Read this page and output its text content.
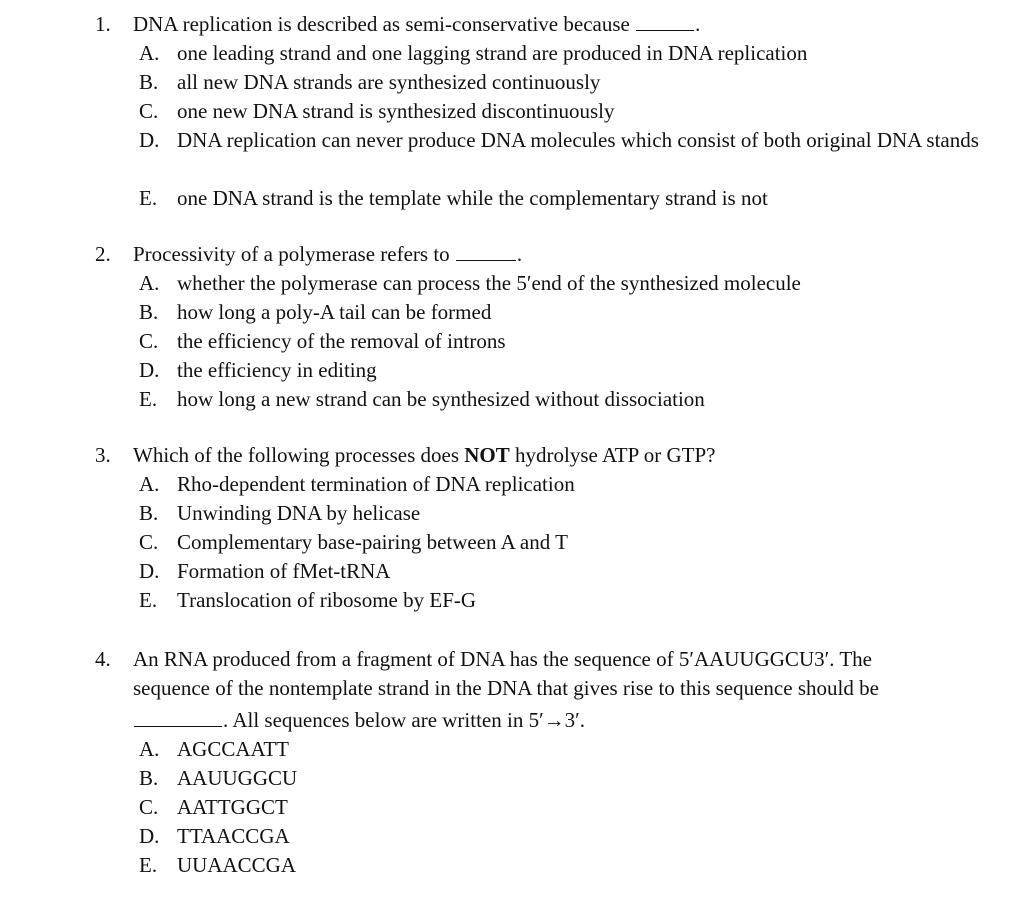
1.	DNA replication is described as semi-conservative because	.
A. one leading strand and one lagging strand are produced in DNA replication
B. all new DNA strands are synthesized continuously
C. one new DNA strand is synthesized discontinuously
D. DNA replication can never produce DNA molecules which consist of both original DNA stands
E. one DNA strand is the template while the complementary strand is not
2.	Processivity of a polymerase refers to	.
A. whether the polymerase can process the 5′end of the synthesized molecule
B. how long a poly-A tail can be formed
C. the efficiency of the removal of introns
D. the efficiency in editing
E. how long a new strand can be synthesized without dissociation
3.	Which of the following processes does NOT hydrolyse ATP or GTP?
A. Rho-dependent termination of DNA replication
B. Unwinding DNA by helicase
C. Complementary base-pairing between A and T
D. Formation of fMet-tRNA
E. Translocation of ribosome by EF-G
4.	An RNA produced from a fragment of DNA has the sequence of 5′AAUUGGCU3′. The
sequence of the nontemplate strand in the DNA that gives rise to this sequence should be
. All sequences below are written in 5′→3′.
A. AGCCAATT
B. AAUUGGCU
C. AATTGGCT
D. TTAACCGA
E. UUAACCGA
